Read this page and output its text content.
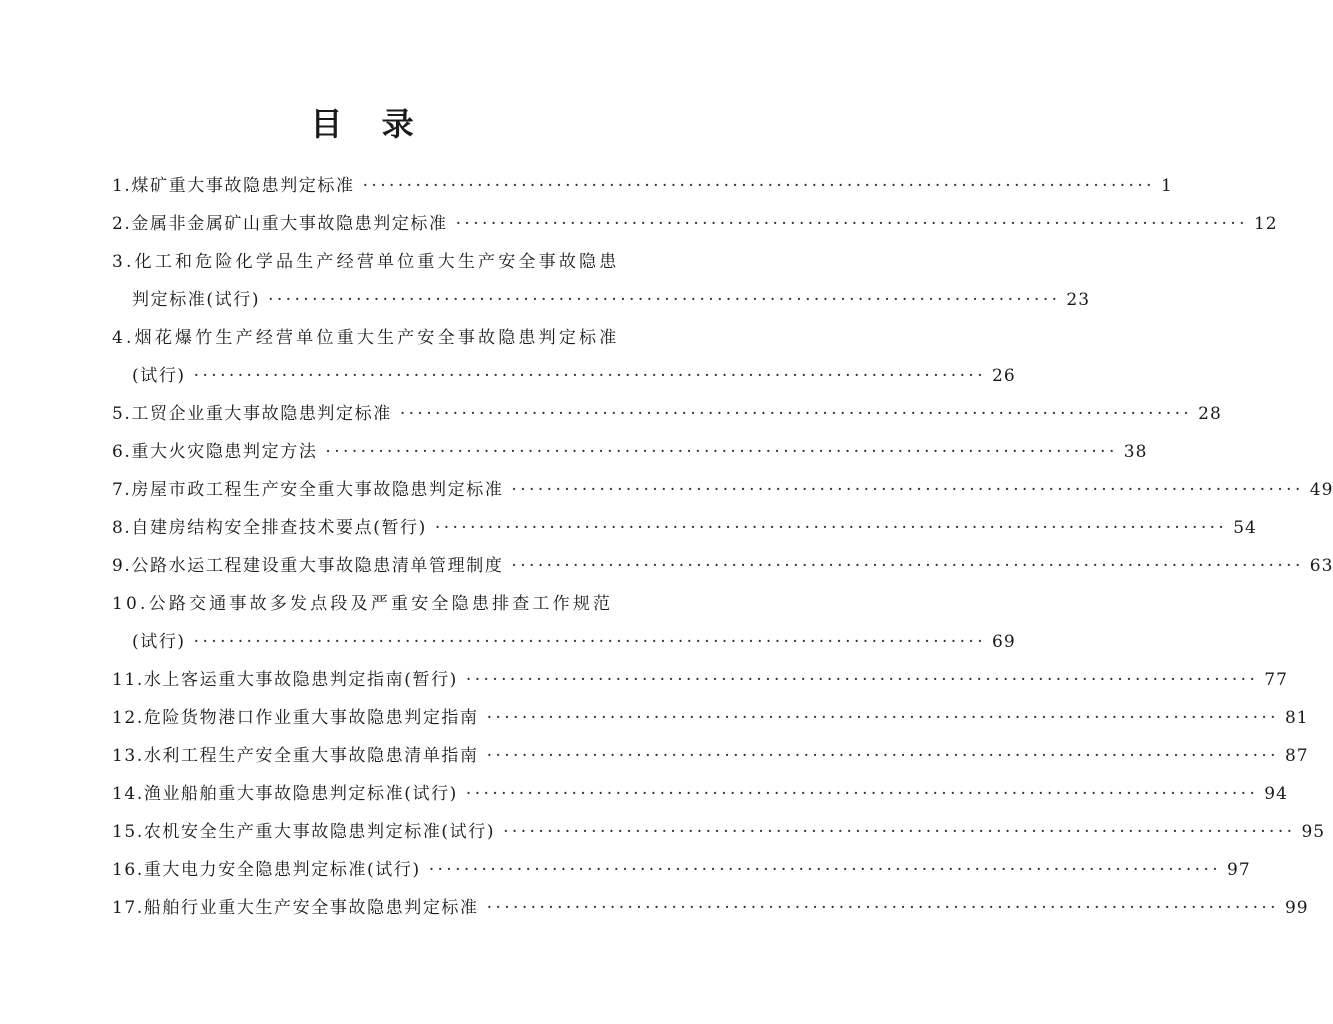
目 录
1.煤矿重大事故隐患判定标准 ·························································································· 1
2.金属非金属矿山重大事故隐患判定标准 ·························································································· 12
3.化工和危险化学品生产经营单位重大生产安全事故隐患
判定标准(试行) ·························································································· 23
4.烟花爆竹生产经营单位重大生产安全事故隐患判定标准
(试行) ·························································································· 26
5.工贸企业重大事故隐患判定标准 ·························································································· 28
6.重大火灾隐患判定方法 ·························································································· 38
7.房屋市政工程生产安全重大事故隐患判定标准 ·························································································· 49
8.自建房结构安全排查技术要点(暂行) ·························································································· 54
9.公路水运工程建设重大事故隐患清单管理制度 ·························································································· 63
10.公路交通事故多发点段及严重安全隐患排查工作规范
(试行) ·························································································· 69
11.水上客运重大事故隐患判定指南(暂行) ·························································································· 77
12.危险货物港口作业重大事故隐患判定指南 ·························································································· 81
13.水利工程生产安全重大事故隐患清单指南 ·························································································· 87
14.渔业船舶重大事故隐患判定标准(试行) ·························································································· 94
15.农机安全生产重大事故隐患判定标准(试行) ·························································································· 95
16.重大电力安全隐患判定标准(试行) ·························································································· 97
17.船舶行业重大生产安全事故隐患判定标准 ·························································································· 99
